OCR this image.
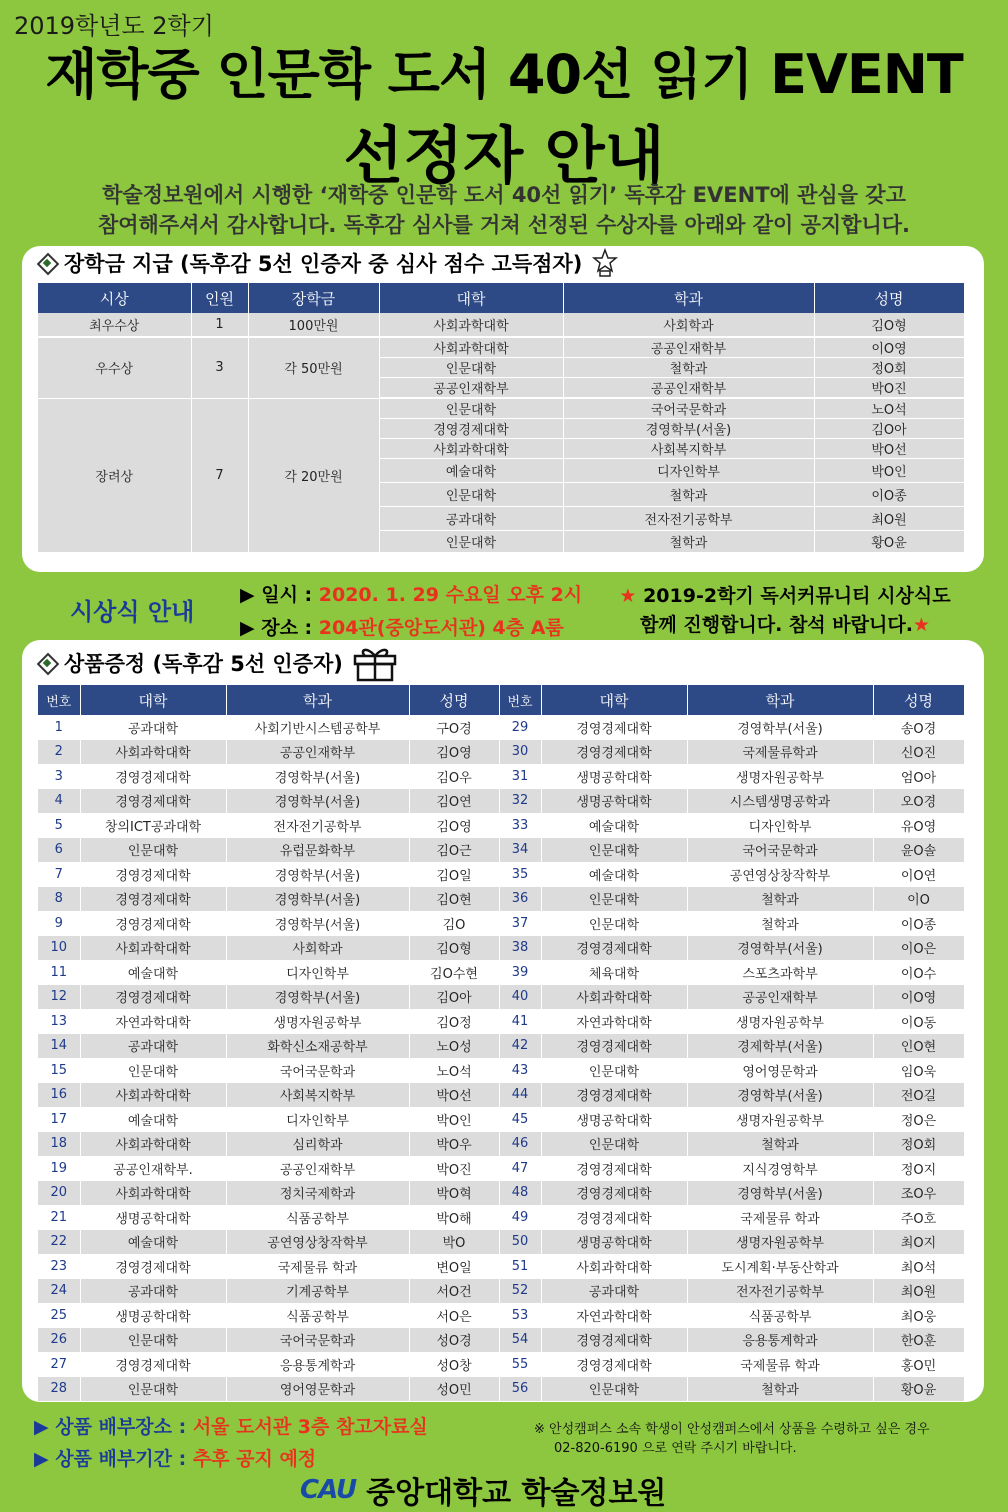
2019학년도 2학기
재학중 인문학 도서 40선 읽기 EVENT
선정자 안내
학술정보원에서 시행한 ‘재학중 인문학 도서 40선 읽기’ 독후감 EVENT에 관심을 갖고
참여해주셔서 감사합니다. 독후감 심사를 거쳐 선정된 수상자를 아래와 같이 공지합니다.
장학금 지급 (독후감 5선 인증자 중 심사 점수 고득점자)
시상	인원	장학금	대학	학과	성명
최우수상	1	100만원	사회과학대학	사회학과	김O형
우수상	3	각 50만원	사회과학대학	공공인재학부	이O영
			인문대학	철학과	정O회
			공공인재학부	공공인재학부	박O진
장려상	7	각 20만원	인문대학	국어국문학과	노O석
			경영경제대학	경영학부(서울)	김O아
			사회과학대학	사회복지학부	박O선
			예술대학	디자인학부	박O인
			인문대학	철학과	이O종
			공과대학	전자전기공학부	최O원
			인문대학	철학과	황O윤
시상식 안내
▶ 일시 : 2020. 1. 29 수요일 오후 2시
▶ 장소 : 204관(중앙도서관) 4층 A룸
★ 2019-2학기 독서커뮤니티 시상식도
함께 진행합니다. 참석 바랍니다.★
상품증정 (독후감 5선 인증자)
번호	대학	학과	성명	번호	대학	학과	성명
1	공과대학	사회기반시스템공학부	구O경	29	경영경제대학	경영학부(서울)	송O경
2	사회과학대학	공공인재학부	김O영	30	경영경제대학	국제물류학과	신O진
3	경영경제대학	경영학부(서울)	김O우	31	생명공학대학	생명자원공학부	엄O아
4	경영경제대학	경영학부(서울)	김O연	32	생명공학대학	시스템생명공학과	오O경
5	창의ICT공과대학	전자전기공학부	김O영	33	예술대학	디자인학부	유O영
6	인문대학	유럽문화학부	김O근	34	인문대학	국어국문학과	윤O솔
7	경영경제대학	경영학부(서울)	김O일	35	예술대학	공연영상창작학부	이O연
8	경영경제대학	경영학부(서울)	김O현	36	인문대학	철학과	이O
9	경영경제대학	경영학부(서울)	김O	37	인문대학	철학과	이O종
10	사회과학대학	사회학과	김O형	38	경영경제대학	경영학부(서울)	이O은
11	예술대학	디자인학부	김O수현	39	체육대학	스포츠과학부	이O수
12	경영경제대학	경영학부(서울)	김O아	40	사회과학대학	공공인재학부	이O영
13	자연과학대학	생명자원공학부	김O정	41	자연과학대학	생명자원공학부	이O동
14	공과대학	화학신소재공학부	노O성	42	경영경제대학	경제학부(서울)	인O현
15	인문대학	국어국문학과	노O석	43	인문대학	영어영문학과	임O욱
16	사회과학대학	사회복지학부	박O선	44	경영경제대학	경영학부(서울)	전O길
17	예술대학	디자인학부	박O인	45	생명공학대학	생명자원공학부	정O은
18	사회과학대학	심리학과	박O우	46	인문대학	철학과	정O회
19	공공인재학부.	공공인재학부	박O진	47	경영경제대학	지식경영학부	정O지
20	사회과학대학	정치국제학과	박O혁	48	경영경제대학	경영학부(서울)	조O우
21	생명공학대학	식품공학부	박O해	49	경영경제대학	국제물류 학과	주O호
22	예술대학	공연영상창작학부	박O	50	생명공학대학	생명자원공학부	최O지
23	경영경제대학	국제물류 학과	변O일	51	사회과학대학	도시계획·부동산학과	최O석
24	공과대학	기계공학부	서O건	52	공과대학	전자전기공학부	최O원
25	생명공학대학	식품공학부	서O은	53	자연과학대학	식품공학부	최O웅
26	인문대학	국어국문학과	성O경	54	경영경제대학	응용통계학과	한O훈
27	경영경제대학	응용통계학과	성O창	55	경영경제대학	국제물류 학과	홍O민
28	인문대학	영어영문학과	성O민	56	인문대학	철학과	황O윤
▶ 상품 배부장소 : 서울 도서관 3층 참고자료실
▶ 상품 배부기간 : 추후 공지 예정
※ 안성캠퍼스 소속 학생이 안성캠퍼스에서 상품을 수령하고 싶은 경우
02-820-6190 으로 연락 주시기 바랍니다.
CAU 중앙대학교 학술정보원
